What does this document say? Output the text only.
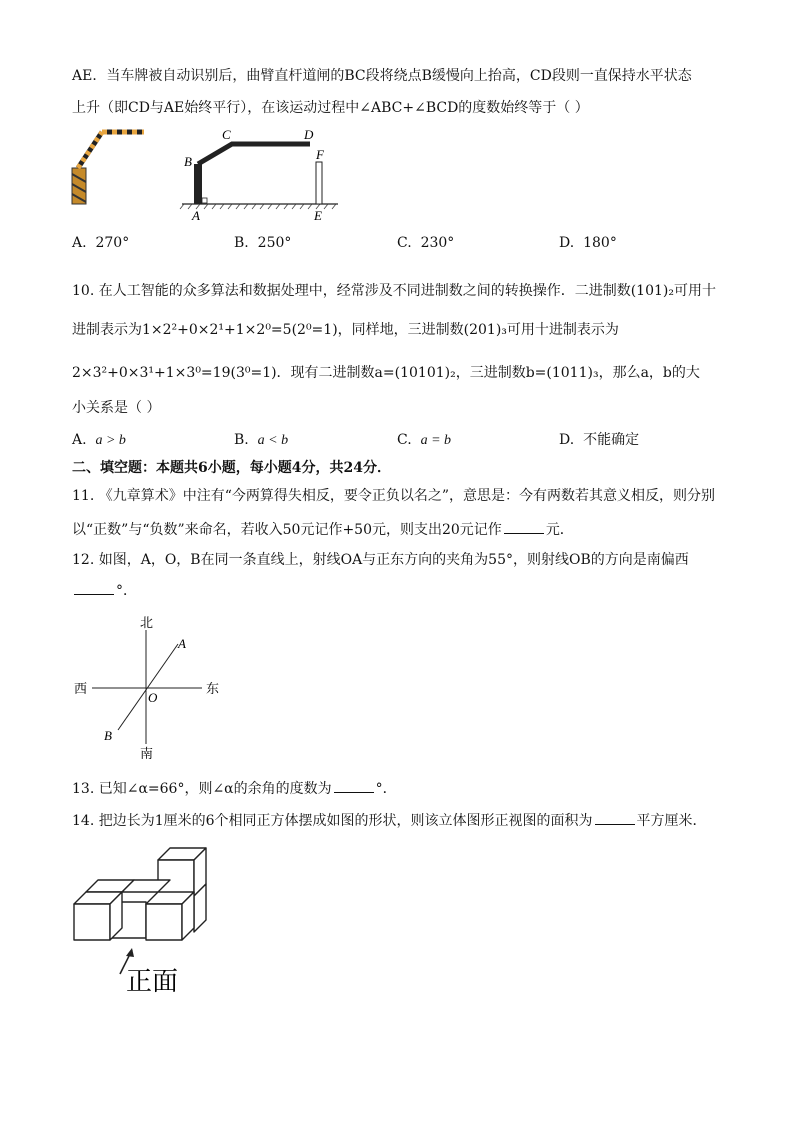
AE．当车牌被自动识别后，曲臂直杆道闸的BC段将绕点B缓慢向上抬高，CD段则一直保持水平状态
上升（即CD与AE始终平行），在该运动过程中∠ABC+∠BCD的度数始终等于（ ）
B
C	D
F
A	E
A. 270°	B. 250°	C. 230°	D. 180°
10. 在人工智能的众多算法和数据处理中，经常涉及不同进制数之间的转换操作．二进制数(101)₂可用十
进制表示为1×2²+0×2¹+1×2⁰=5(2⁰=1)，同样地，三进制数(201)₃可用十进制表示为
2×3²+0×3¹+1×3⁰=19(3⁰=1)．现有二进制数a=(10101)₂，三进制数b=(1011)₃，那么a，b的大
小关系是（ ）
A. a > b	B. a < b	C. a = b	D. 不能确定
二、填空题：本题共6小题，每小题4分，共24分．
11. 《九章算术》中注有“今两算得失相反，要令正负以名之”，意思是：今有两数若其意义相反，则分别
以“正数”与“负数”来命名，若收入50元记作+50元，则支出20元记作	元．
12. 如图，A，O，B在同一条直线上，射线OA与正东方向的夹角为55°，则射线OB的方向是南偏西
°．
北
南
西	东
A
B
O
13. 已知∠α=66°，则∠α的余角的度数为	°．
14. 把边长为1厘米的6个相同正方体摆成如图的形状，则该立体图形正视图的面积为	平方厘米．
正面
